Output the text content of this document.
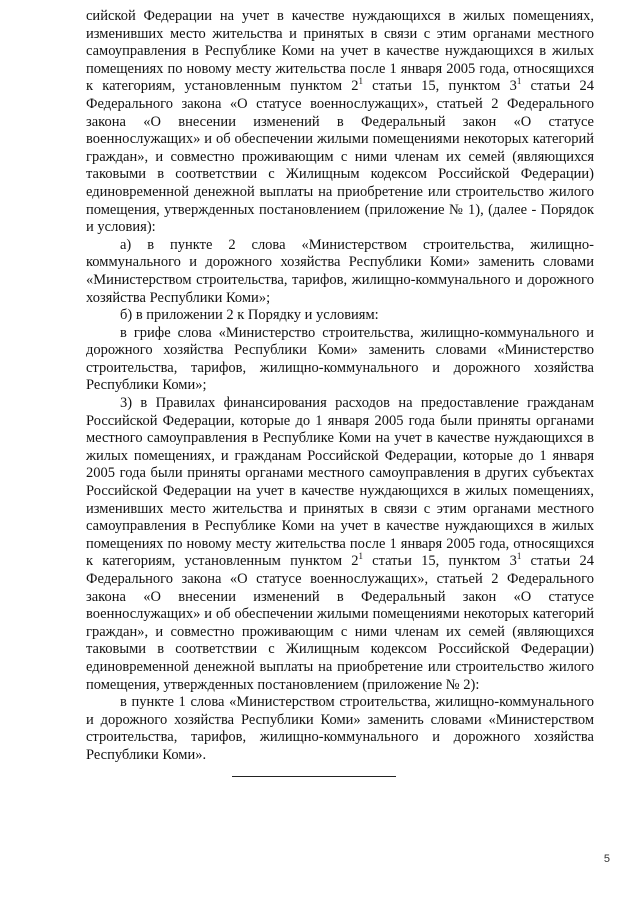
сийской Федерации на учет в качестве нуждающихся в жилых помещениях, изменивших место жительства и принятых в связи с этим органами местного самоуправления в Республике Коми на учет в качестве нуждающихся в жилых помещениях по новому месту жительства после 1 января 2005 года, относящихся к категориям, установленным пунктом $2^1$ статьи 15, пунктом $3^1$ статьи 24 Федерального закона «О статусе военнослужащих», статьей 2 Федерального закона «О внесении изменений в Федеральный закон «О статусе военнослужащих» и об обеспечении жилыми помещениями некоторых категорий граждан», и совместно проживающим с ними членам их семей (являющихся таковыми в соответствии с Жилищным кодексом Российской Федерации) единовременной денежной выплаты на приобретение или строительство жилого помещения, утвержденных постановлением (приложение № 1), (далее - Порядок и условия):

а) в пункте 2 слова «Министерством строительства, жилищно-коммунального и дорожного хозяйства Республики Коми» заменить словами «Министерством строительства, тарифов, жилищно-коммунального и дорожного хозяйства Республики Коми»;

б) в приложении 2 к Порядку и условиям:

в грифе слова «Министерство строительства, жилищно-коммунального и дорожного хозяйства Республики Коми» заменить словами «Министерство строительства, тарифов, жилищно-коммунального и дорожного хозяйства Республики Коми»;

3) в Правилах финансирования расходов на предоставление гражданам Российской Федерации, которые до 1 января 2005 года были приняты органами местного самоуправления в Республике Коми на учет в качестве нуждающихся в жилых помещениях, и гражданам Российской Федерации, которые до 1 января 2005 года были приняты органами местного самоуправления в других субъектах Российской Федерации на учет в качестве нуждающихся в жилых помещениях, изменивших место жительства и принятых в связи с этим органами местного самоуправления в Республике Коми на учет в качестве нуждающихся в жилых помещениях по новому месту жительства после 1 января 2005 года, относящихся к категориям, установленным пунктом $2^1$ статьи 15, пунктом $3^1$ статьи 24 Федерального закона «О статусе военнослужащих», статьей 2 Федерального закона «О внесении изменений в Федеральный закон «О статусе военнослужащих» и об обеспечении жилыми помещениями некоторых категорий граждан», и совместно проживающим с ними членам их семей (являющихся таковыми в соответствии с Жилищным кодексом Российской Федерации) единовременной денежной выплаты на приобретение или строительство жилого помещения, утвержденных постановлением (приложение № 2):

в пункте 1 слова «Министерством строительства, жилищно-коммунального и дорожного хозяйства Республики Коми» заменить словами «Министерством строительства, тарифов, жилищно-коммунального и дорожного хозяйства Республики Коми».

5
